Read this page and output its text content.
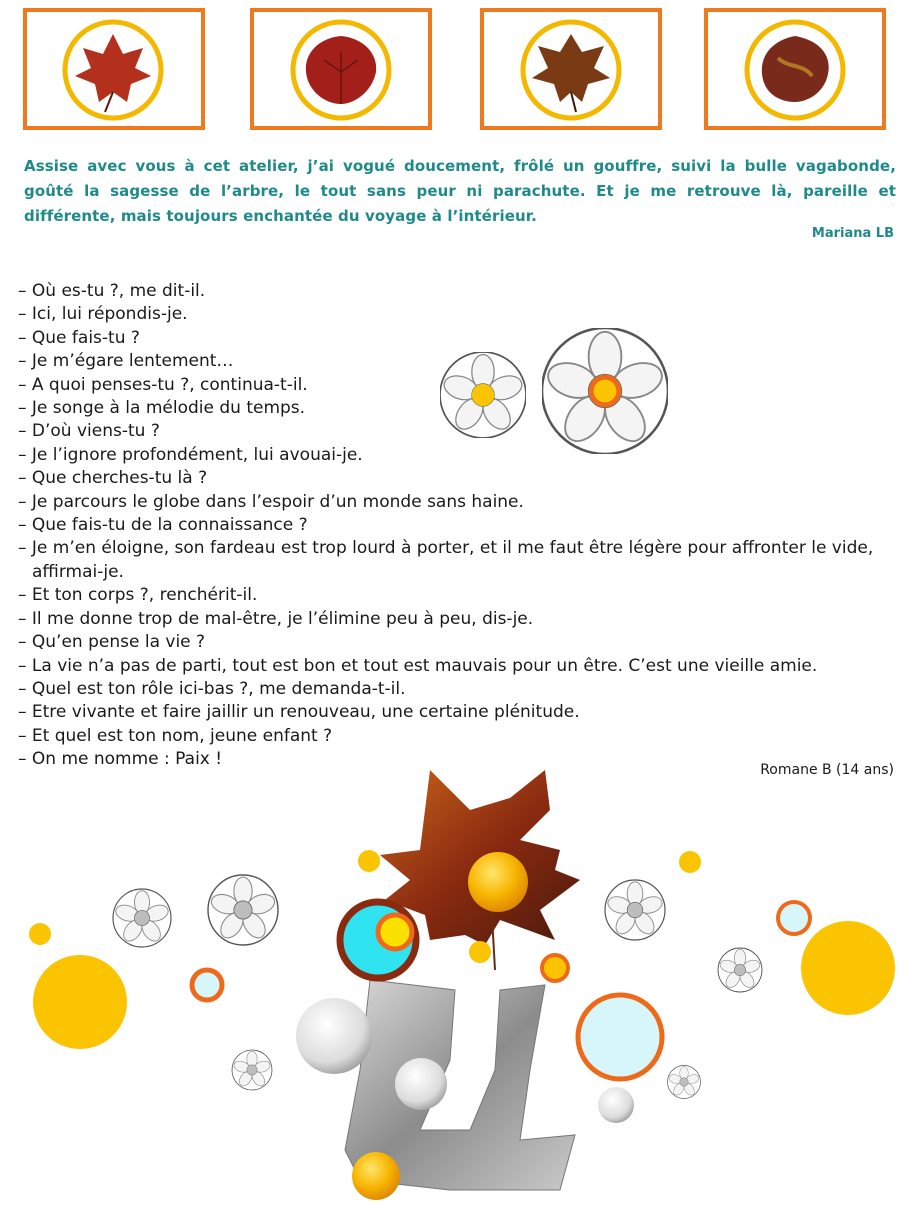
Assise avec vous à cet atelier, j’ai vogué doucement, frôlé un gouffre, suivi la bulle vagabonde, goûté la sagesse de l’arbre, le tout sans peur ni parachute. Et je me retrouve là, pareille et différente, mais toujours enchantée du voyage à l’intérieur.
Mariana LB
– Où es-tu ?, me dit-il.
– Ici, lui répondis-je.
– Que fais-tu ?
– Je m’égare lentement…
– A quoi penses-tu ?, continua-t-il.
– Je songe à la mélodie du temps.
– D’où viens-tu ?
– Je l’ignore profondément, lui avouai-je.
– Que cherches-tu là ?
– Je parcours le globe dans l’espoir d’un monde sans haine.
– Que fais-tu de la connaissance ?
– Je m’en éloigne, son fardeau est trop lourd à porter, et il me faut être légère pour affronter le vide, affirmai-je.
– Et ton corps ?, renchérit-il.
– Il me donne trop de mal-être, je l’élimine peu à peu, dis-je.
– Qu’en pense la vie ?
– La vie n’a pas de parti, tout est bon et tout est mauvais pour un être. C’est une vieille amie.
– Quel est ton rôle ici-bas ?, me demanda-t-il.
– Etre vivante et faire jaillir un renouveau, une certaine plénitude.
– Et quel est ton nom, jeune enfant ?
– On me nomme : Paix !
Romane B (14 ans)
